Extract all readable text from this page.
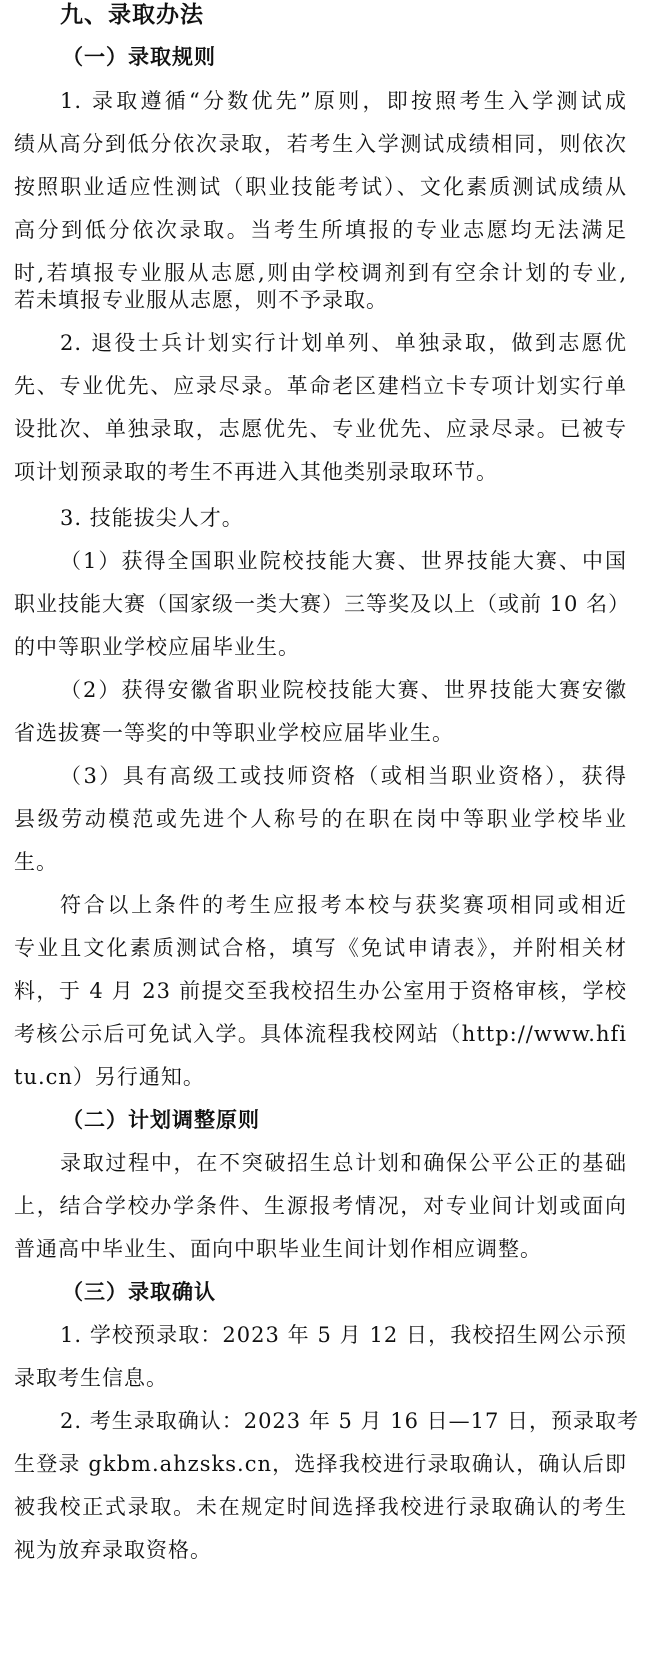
九、录取办法
（一）录取规则
1. 录取遵循“分数优先”原则，即按照考生入学测试成
绩从高分到低分依次录取，若考生入学测试成绩相同，则依次
按照职业适应性测试（职业技能考试）、文化素质测试成绩从
高分到低分依次录取。当考生所填报的专业志愿均无法满足
时,若填报专业服从志愿,则由学校调剂到有空余计划的专业,
若未填报专业服从志愿，则不予录取。
2. 退役士兵计划实行计划单列、单独录取，做到志愿优
先、专业优先、应录尽录。革命老区建档立卡专项计划实行单
设批次、单独录取，志愿优先、专业优先、应录尽录。已被专
项计划预录取的考生不再进入其他类别录取环节。
3. 技能拔尖人才。
（1）获得全国职业院校技能大赛、世界技能大赛、中国
职业技能大赛（国家级一类大赛）三等奖及以上（或前 10 名）
的中等职业学校应届毕业生。
（2）获得安徽省职业院校技能大赛、世界技能大赛安徽
省选拔赛一等奖的中等职业学校应届毕业生。
（3）具有高级工或技师资格（或相当职业资格），获得
县级劳动模范或先进个人称号的在职在岗中等职业学校毕业
生。
符合以上条件的考生应报考本校与获奖赛项相同或相近
专业且文化素质测试合格，填写《免试申请表》，并附相关材
料，于 4 月 23 前提交至我校招生办公室用于资格审核，学校
考核公示后可免试入学。具体流程我校网站（http://www.hfi
tu.cn）另行通知。
（二）计划调整原则
录取过程中，在不突破招生总计划和确保公平公正的基础
上，结合学校办学条件、生源报考情况，对专业间计划或面向
普通高中毕业生、面向中职毕业生间计划作相应调整。
（三）录取确认
1. 学校预录取：2023 年 5 月 12 日，我校招生网公示预
录取考生信息。
2. 考生录取确认：2023 年 5 月 16 日—17 日，预录取考
生登录 gkbm.ahzsks.cn，选择我校进行录取确认，确认后即
被我校正式录取。未在规定时间选择我校进行录取确认的考生
视为放弃录取资格。
